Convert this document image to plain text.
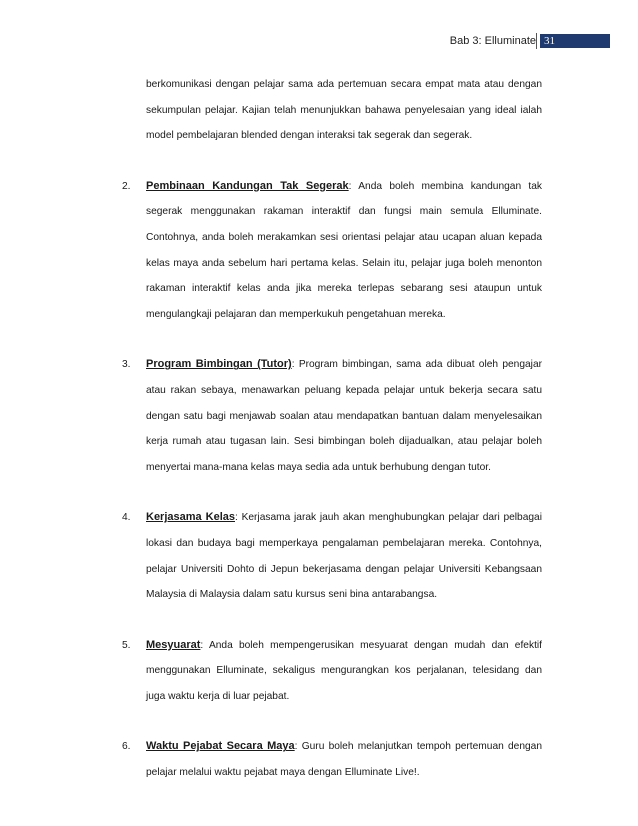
Bab 3: Elluminate 31

berkomunikasi dengan pelajar sama ada pertemuan secara empat mata atau dengan sekumpulan pelajar. Kajian telah menunjukkan bahawa penyelesaian yang ideal ialah model pembelajaran blended dengan interaksi tak segerak dan segerak.

2. Pembinaan Kandungan Tak Segerak: Anda boleh membina kandungan tak segerak menggunakan rakaman interaktif dan fungsi main semula Elluminate. Contohnya, anda boleh merakamkan sesi orientasi pelajar atau ucapan aluan kepada kelas maya anda sebelum hari pertama kelas. Selain itu, pelajar juga boleh menonton rakaman interaktif kelas anda jika mereka terlepas sebarang sesi ataupun untuk mengulangkaji pelajaran dan memperkukuh pengetahuan mereka.

3. Program Bimbingan (Tutor): Program bimbingan, sama ada dibuat oleh pengajar atau rakan sebaya, menawarkan peluang kepada pelajar untuk bekerja secara satu dengan satu bagi menjawab soalan atau mendapatkan bantuan dalam menyelesaikan kerja rumah atau tugasan lain. Sesi bimbingan boleh dijadualkan, atau pelajar boleh menyertai mana-mana kelas maya sedia ada untuk berhubung dengan tutor.

4. Kerjasama Kelas: Kerjasama jarak jauh akan menghubungkan pelajar dari pelbagai lokasi dan budaya bagi memperkaya pengalaman pembelajaran mereka. Contohnya, pelajar Universiti Dohto di Jepun bekerjasama dengan pelajar Universiti Kebangsaan Malaysia di Malaysia dalam satu kursus seni bina antarabangsa.

5. Mesyuarat: Anda boleh mempengerusikan mesyuarat dengan mudah dan efektif menggunakan Elluminate, sekaligus mengurangkan kos perjalanan, telesidang dan juga waktu kerja di luar pejabat.

6. Waktu Pejabat Secara Maya: Guru boleh melanjutkan tempoh pertemuan dengan pelajar melalui waktu pejabat maya dengan Elluminate Live!.
